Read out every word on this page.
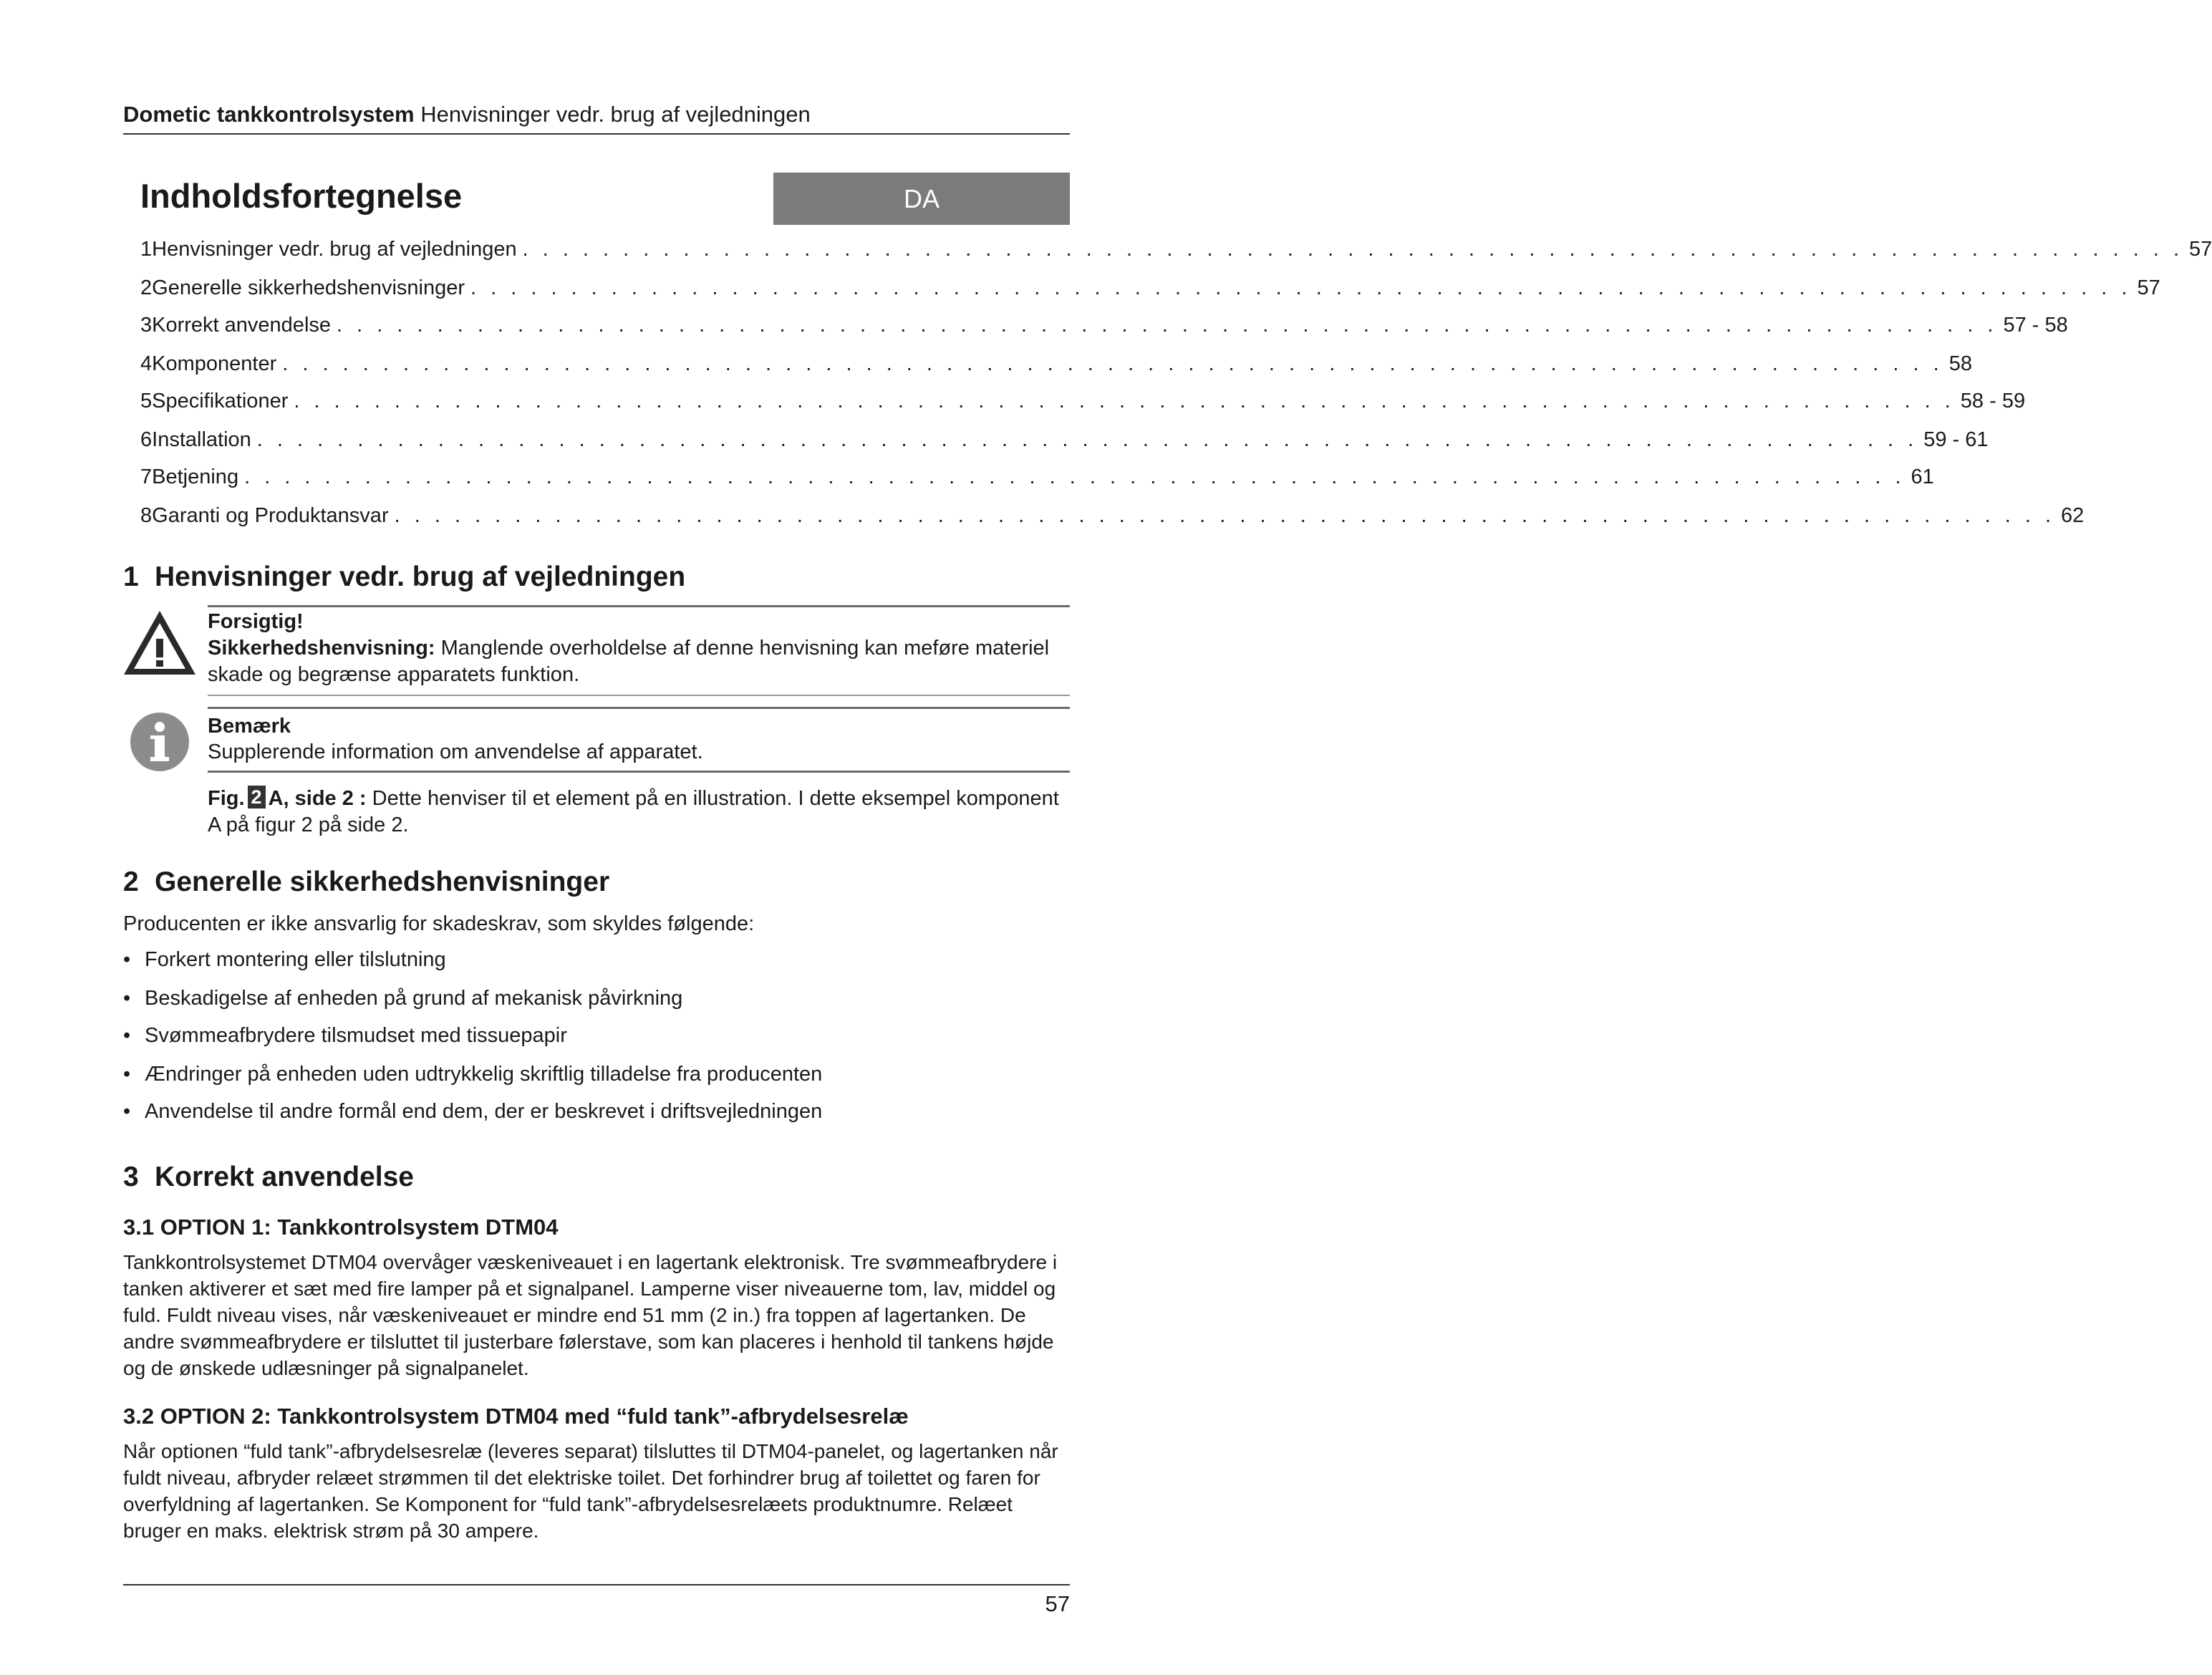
Dometic tankkontrolsystem Henvisninger vedr. brug af vejledningen
Indholdsfortegnelse	DA
1 Henvisninger vedr. brug af vejledningen . . . . . . . . . . . . . . . . . . . . . . . . . . . . . . . . . . . . . . . . . . . . . . . . . . . . . . . . . . . . . . . . . . . . . . . . . . . . . . . . . . . 57
2 Generelle sikkerhedshenvisninger . . . . . . . . . . . . . . . . . . . . . . . . . . . . . . . . . . . . . . . . . . . . . . . . . . . . . . . . . . . . . . . . . . . . . . . . . . . . . . . . . . . 57
3 Korrekt anvendelse . . . . . . . . . . . . . . . . . . . . . . . . . . . . . . . . . . . . . . . . . . . . . . . . . . . . . . . . . . . . . . . . . . . . . . . . . . . . . . . . . . . 57 - 58
4 Komponenter . . . . . . . . . . . . . . . . . . . . . . . . . . . . . . . . . . . . . . . . . . . . . . . . . . . . . . . . . . . . . . . . . . . . . . . . . . . . . . . . . . . 58
5 Specifikationer . . . . . . . . . . . . . . . . . . . . . . . . . . . . . . . . . . . . . . . . . . . . . . . . . . . . . . . . . . . . . . . . . . . . . . . . . . . . . . . . . . . 58 - 59
6 Installation . . . . . . . . . . . . . . . . . . . . . . . . . . . . . . . . . . . . . . . . . . . . . . . . . . . . . . . . . . . . . . . . . . . . . . . . . . . . . . . . . . . 59 - 61
7 Betjening . . . . . . . . . . . . . . . . . . . . . . . . . . . . . . . . . . . . . . . . . . . . . . . . . . . . . . . . . . . . . . . . . . . . . . . . . . . . . . . . . . . 61
8 Garanti og Produktansvar . . . . . . . . . . . . . . . . . . . . . . . . . . . . . . . . . . . . . . . . . . . . . . . . . . . . . . . . . . . . . . . . . . . . . . . . . . . . . . . . . . . 62
1 Henvisninger vedr. brug af vejledningen
Forsigtig!
Sikkerhedshenvisning: Manglende overholdelse af denne henvisning kan meføre materiel skade og begrænse apparatets funktion.
Bemærk
Supplerende information om anvendelse af apparatet.
Fig. 2 A, side 2 : Dette henviser til et element på en illustration. I dette eksempel komponent A på figur 2 på side 2.
2 Generelle sikkerhedshenvisninger
Producenten er ikke ansvarlig for skadeskrav, som skyldes følgende:
• Forkert montering eller tilslutning
• Beskadigelse af enheden på grund af mekanisk påvirkning
• Svømmeafbrydere tilsmudset med tissuepapir
• Ændringer på enheden uden udtrykkelig skriftlig tilladelse fra producenten
• Anvendelse til andre formål end dem, der er beskrevet i driftsvejledningen
3 Korrekt anvendelse
3.1 OPTION 1: Tankkontrolsystem DTM04
Tankkontrolsystemet DTM04 overvåger væskeniveauet i en lagertank elektronisk. Tre svømmeafbrydere i tanken aktiverer et sæt med fire lamper på et signalpanel. Lamperne viser niveauerne tom, lav, middel og fuld. Fuldt niveau vises, når væskeniveauet er mindre end 51 mm (2 in.) fra toppen af lagertanken. De andre svømmeafbrydere er tilsluttet til justerbare følerstave, som kan placeres i henhold til tankens højde og de ønskede udlæsninger på signalpanelet.
3.2 OPTION 2: Tankkontrolsystem DTM04 med “fuld tank”-afbrydelsesrelæ
Når optionen “fuld tank”-afbrydelsesrelæ (leveres separat) tilsluttes til DTM04-panelet, og lagertanken når fuldt niveau, afbryder relæet strømmen til det elektriske toilet. Det forhindrer brug af toilettet og faren for overfyldning af lagertanken. Se Komponent for “fuld tank”-afbrydelsesrelæets produktnumre. Relæet bruger en maks. elektrisk strøm på 30 ampere.
57
